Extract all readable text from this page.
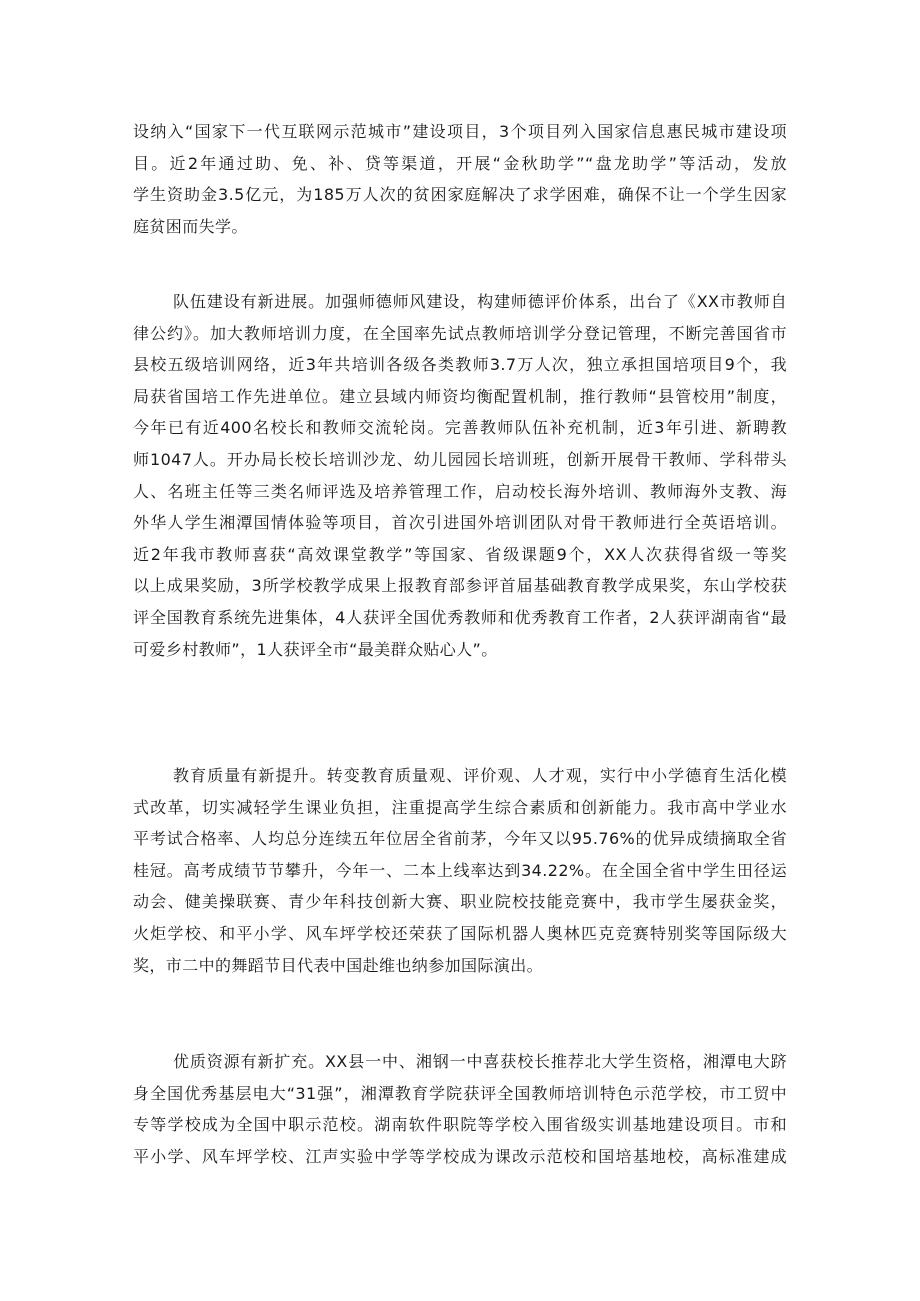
设纳入“国家下一代互联网示范城市”建设项目，3个项目列入国家信息惠民城市建设项
目。近2年通过助、免、补、贷等渠道，开展“金秋助学”“盘龙助学”等活动，发放
学生资助金3.5亿元，为185万人次的贫困家庭解决了求学困难，确保不让一个学生因家
庭贫困而失学。
队伍建设有新进展。加强师德师风建设，构建师德评价体系，出台了《XX市教师自
律公约》。加大教师培训力度，在全国率先试点教师培训学分登记管理，不断完善国省市
县校五级培训网络，近3年共培训各级各类教师3.7万人次，独立承担国培项目9个，我
局获省国培工作先进单位。建立县域内师资均衡配置机制，推行教师“县管校用”制度，
今年已有近400名校长和教师交流轮岗。完善教师队伍补充机制，近3年引进、新聘教
师1047人。开办局长校长培训沙龙、幼儿园园长培训班，创新开展骨干教师、学科带头
人、名班主任等三类名师评选及培养管理工作，启动校长海外培训、教师海外支教、海
外华人学生湘潭国情体验等项目，首次引进国外培训团队对骨干教师进行全英语培训。
近2年我市教师喜获“高效课堂教学”等国家、省级课题9个，XX人次获得省级一等奖
以上成果奖励，3所学校教学成果上报教育部参评首届基础教育教学成果奖，东山学校获
评全国教育系统先进集体，4人获评全国优秀教师和优秀教育工作者，2人获评湖南省“最
可爱乡村教师”，1人获评全市“最美群众贴心人”。
教育质量有新提升。转变教育质量观、评价观、人才观，实行中小学德育生活化模
式改革，切实减轻学生课业负担，注重提高学生综合素质和创新能力。我市高中学业水
平考试合格率、人均总分连续五年位居全省前茅，今年又以95.76%的优异成绩摘取全省
桂冠。高考成绩节节攀升，今年一、二本上线率达到34.22%。在全国全省中学生田径运
动会、健美操联赛、青少年科技创新大赛、职业院校技能竞赛中，我市学生屡获金奖，
火炬学校、和平小学、风车坪学校还荣获了国际机器人奥林匹克竞赛特别奖等国际级大
奖，市二中的舞蹈节目代表中国赴维也纳参加国际演出。
优质资源有新扩充。XX县一中、湘钢一中喜获校长推荐北大学生资格，湘潭电大跻
身全国优秀基层电大“31强”，湘潭教育学院获评全国教师培训特色示范学校，市工贸中
专等学校成为全国中职示范校。湖南软件职院等学校入围省级实训基地建设项目。市和
平小学、风车坪学校、江声实验中学等学校成为课改示范校和国培基地校，高标准建成
